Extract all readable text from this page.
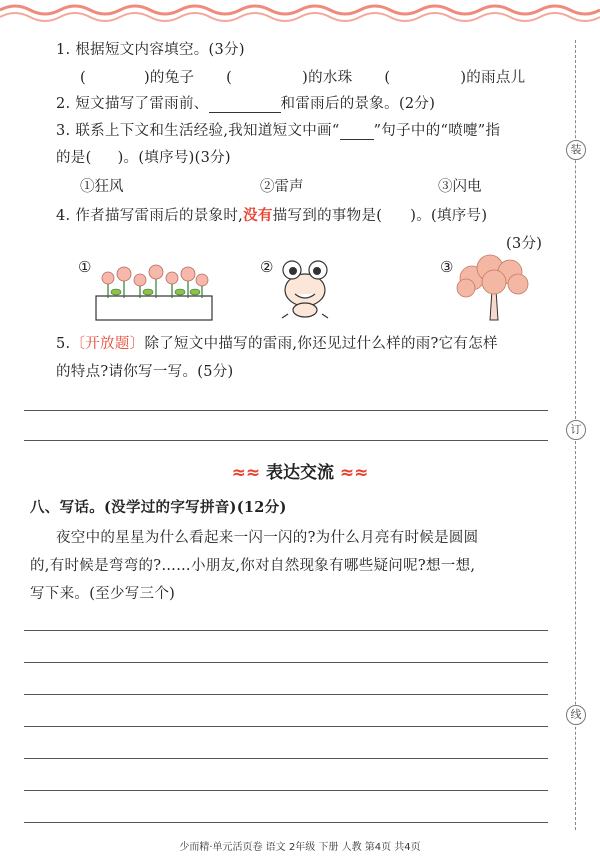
装
订
线
1. 根据短文内容填空。(3分)
(	)的兔子 (	)的水珠 (	)的雨点儿
2. 短文描写了雷雨前、	和雷雨后的景象。(2分)
3. 联系上下文和生活经验,我知道短文中画“ ”句子中的“喷嚏”指
的是( )。(填序号)(3分)
①狂风	②雷声	③闪电
4. 作者描写雷雨后的景象时,没有描写到的事物是( )。(填序号)
(3分)
①	②	③
5.〔开放题〕除了短文中描写的雷雨,你还见过什么样的雨?它有怎样
的特点?请你写一写。(5分)
≈≈ 表达交流 ≈≈
八、写话。(没学过的字写拼音)(12分)
夜空中的星星为什么看起来一闪一闪的?为什么月亮有时候是圆圆
的,有时候是弯弯的?……小朋友,你对自然现象有哪些疑问呢?想一想,
写下来。(至少写三个)
少而精·单元活页卷 语文 2年级 下册 人教 第4页 共4页
